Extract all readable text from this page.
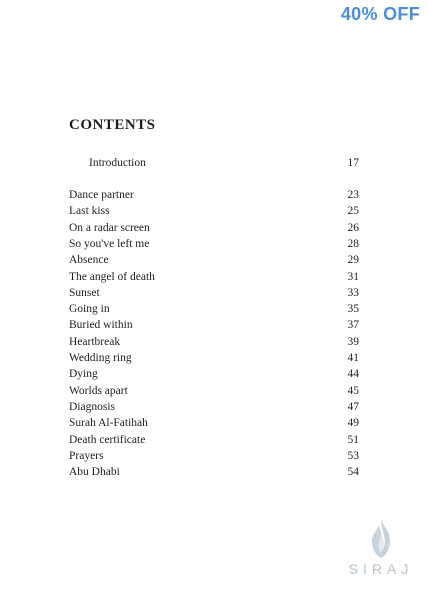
40% OFF
CONTENTS
Introduction	17
Dance partner	23
Last kiss	25
On a radar screen	26
So you've left me	28
Absence	29
The angel of death	31
Sunset	33
Going in	35
Buried within	37
Heartbreak	39
Wedding ring	41
Dying	44
Worlds apart	45
Diagnosis	47
Surah Al-Fatihah	49
Death certificate	51
Prayers	53
Abu Dhabi	54
SIRAJ
